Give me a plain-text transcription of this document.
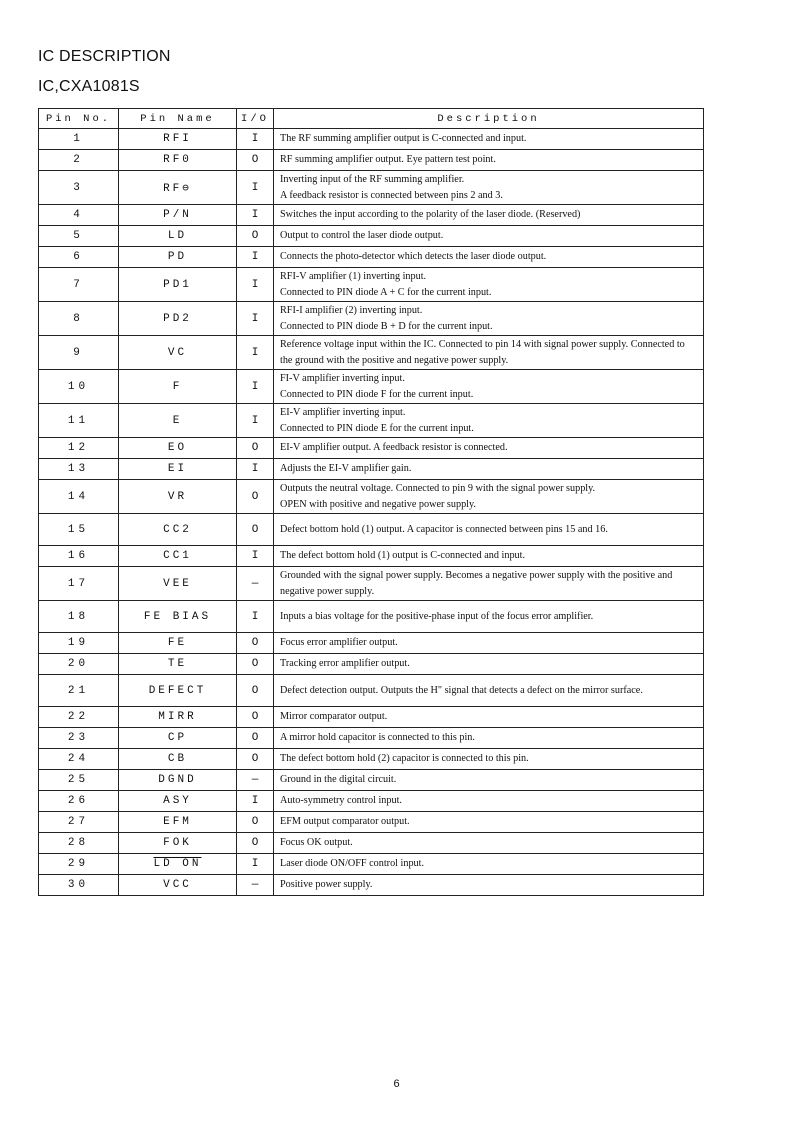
IC DESCRIPTION
IC,CXA1081S
Pin No.	Pin Name	I/O	Description
1	RFI	I	The RF summing amplifier output is C-connected and input.
2	RF0	O	RF summing amplifier output. Eye pattern test point.
3	RF⊖	I	Inverting input of the RF summing amplifier.
A feedback resistor is connected between pins 2 and 3.
4	P/N	I	Switches the input according to the polarity of the laser diode. (Reserved)
5	LD	O	Output to control the laser diode output.
6	PD	I	Connects the photo-detector which detects the laser diode output.
7	PD1	I	RFI-V amplifier (1) inverting input.
Connected to PIN diode A + C for the current input.
8	PD2	I	RFI-I amplifier (2) inverting input.
Connected to PIN diode B + D for the current input.
9	VC	I	Reference voltage input within the IC. Connected to pin 14 with signal power supply. Connected to the ground with the positive and negative power supply.
10	F	I	FI-V amplifier inverting input.
Connected to PIN diode F for the current input.
11	E	I	EI-V amplifier inverting input.
Connected to PIN diode E for the current input.
12	EO	O	EI-V amplifier output. A feedback resistor is connected.
13	EI	I	Adjusts the EI-V amplifier gain.
14	VR	O	Outputs the neutral voltage. Connected to pin 9 with the signal power supply.
OPEN with positive and negative power supply.
15	CC2	O	Defect bottom hold (1) output. A capacitor is connected between pins 15 and 16.
16	CC1	I	The defect bottom hold (1) output is C-connected and input.
17	VEE	—	Grounded with the signal power supply. Becomes a negative power supply with the positive and negative power supply.
18	FE BIAS	I	Inputs a bias voltage for the positive-phase input of the focus error amplifier.
19	FE	O	Focus error amplifier output.
20	TE	O	Tracking error amplifier output.
21	DEFECT	O	Defect detection output. Outputs the H" signal that detects a defect on the mirror surface.
22	MIRR	O	Mirror comparator output.
23	CP	O	A mirror hold capacitor is connected to this pin.
24	CB	O	The defect bottom hold (2) capacitor is connected to this pin.
25	DGND	—	Ground in the digital circuit.
26	ASY	I	Auto-symmetry control input.
27	EFM	O	EFM output comparator output.
28	FOK	O	Focus OK output.
29	LD ON	I	Laser diode ON/OFF control input.
30	VCC	—	Positive power supply.
6
